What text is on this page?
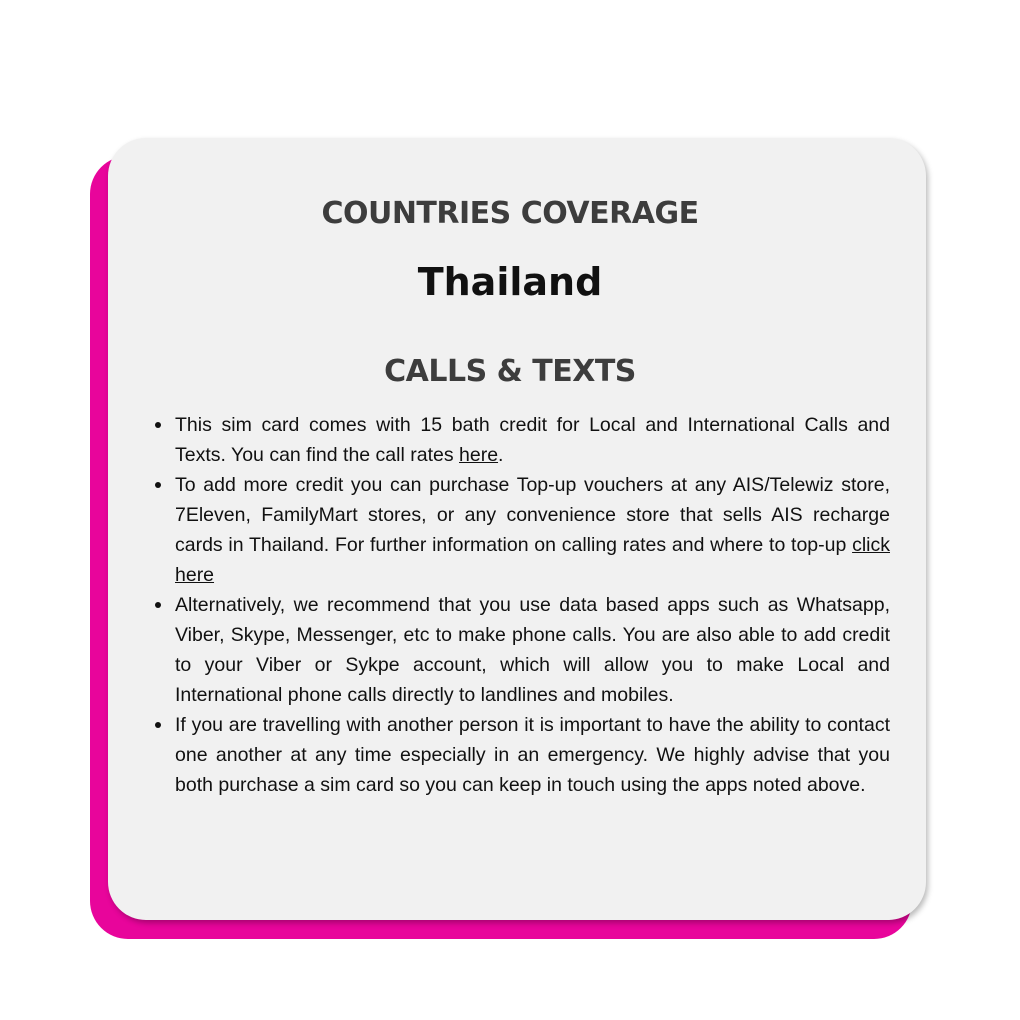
COUNTRIES COVERAGE
Thailand
CALLS & TEXTS
This sim card comes with 15 bath credit for Local and International Calls and Texts. You can find the call rates here.
To add more credit you can purchase Top-up vouchers at any AIS/Telewiz store, 7Eleven, FamilyMart stores, or any convenience store that sells AIS recharge cards in Thailand. For further information on calling rates and where to top-up click here
Alternatively, we recommend that you use data based apps such as Whatsapp, Viber, Skype, Messenger, etc to make phone calls. You are also able to add credit to your Viber or Sykpe account, which will allow you to make Local and International phone calls directly to landlines and mobiles.
If you are travelling with another person it is important to have the ability to contact one another at any time especially in an emergency. We highly advise that you both purchase a sim card so you can keep in touch using the apps noted above.
